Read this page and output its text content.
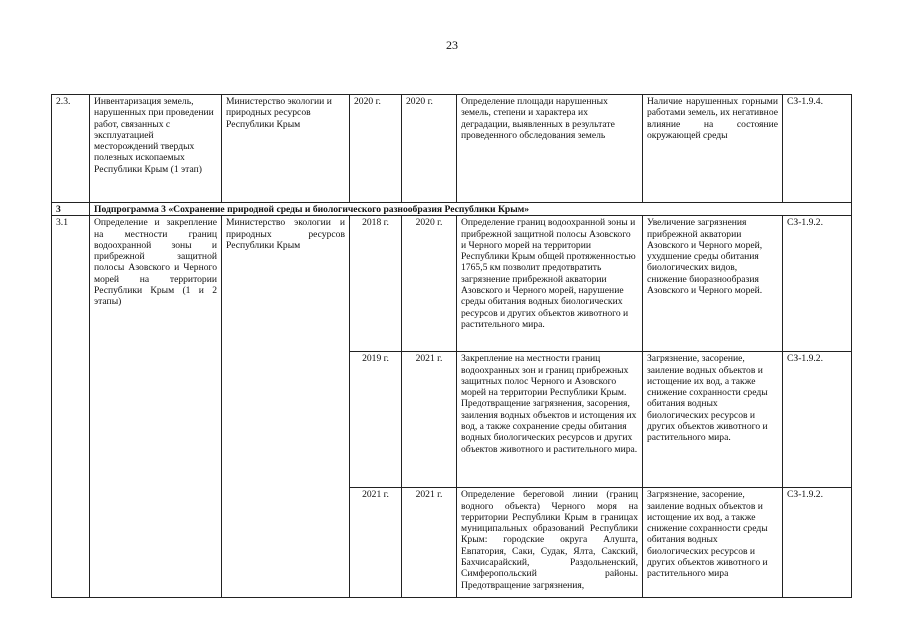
23
2.3.	Инвентаризация земель, нарушенных при проведении работ, связанных с эксплуатацией месторождений твердых полезных ископаемых Республики Крым (1 этап)	Министерство экологии и природных ресурсов Республики Крым	2020 г.	2020 г.	Определение площади нарушенных земель, степени и характера их деградации, выявленных в результате проведенного обследования земель	Наличие нарушенных горными работами земель, их негативное влияние на состояние окружающей среды	СЗ-1.9.4.
3	Подпрограмма 3 «Сохранение природной среды и биологического разнообразия Республики Крым»						
3.1	Определение и закрепление на местности границ водоохранной зоны и прибрежной защитной полосы Азовского и Черного морей на территории Республики Крым (1 и 2 этапы)	Министерство экологии и природных ресурсов Республики Крым	2018 г.	2020 г.	Определение границ водоохранной зоны и прибрежной защитной полосы Азовского и Черного морей на территории Республики Крым общей протяженностью 1765,5 км позволит предотвратить загрязнение прибрежной акватории Азовского и Черного морей, нарушение среды обитания водных биологических ресурсов и других объектов животного и растительного мира.	Увеличение загрязнения прибрежной акватории Азовского и Черного морей, ухудшение среды обитания биологических видов, снижение биоразнообразия Азовского и Черного морей.	СЗ-1.9.2.
			2019 г.	2021 г.	Закрепление на местности границ водоохранных зон и границ прибрежных защитных полос Черного и Азовского морей на территории Республики Крым. Предотвращение загрязнения, засорения, заиления водных объектов и истощения их вод, а также сохранение среды обитания водных биологических ресурсов и других объектов животного и растительного мира.	Загрязнение, засорение, заиление водных объектов и истощение их вод, а также снижение сохранности среды обитания водных биологических ресурсов и других объектов животного и растительного мира.	СЗ-1.9.2.
			2021 г.	2021 г.	Определение береговой линии (границ водного объекта) Черного моря на территории Республики Крым в границах муниципальных образований Республики Крым: городские округа Алушта, Евпатория, Саки, Судак, Ялта, Сакский, Бахчисарайский, Раздольненский, Симферопольский районы. Предотвращение загрязнения,	Загрязнение, засорение, заиление водных объектов и истощение их вод, а также снижение сохранности среды обитания водных биологических ресурсов и других объектов животного и растительного мира	СЗ-1.9.2.
